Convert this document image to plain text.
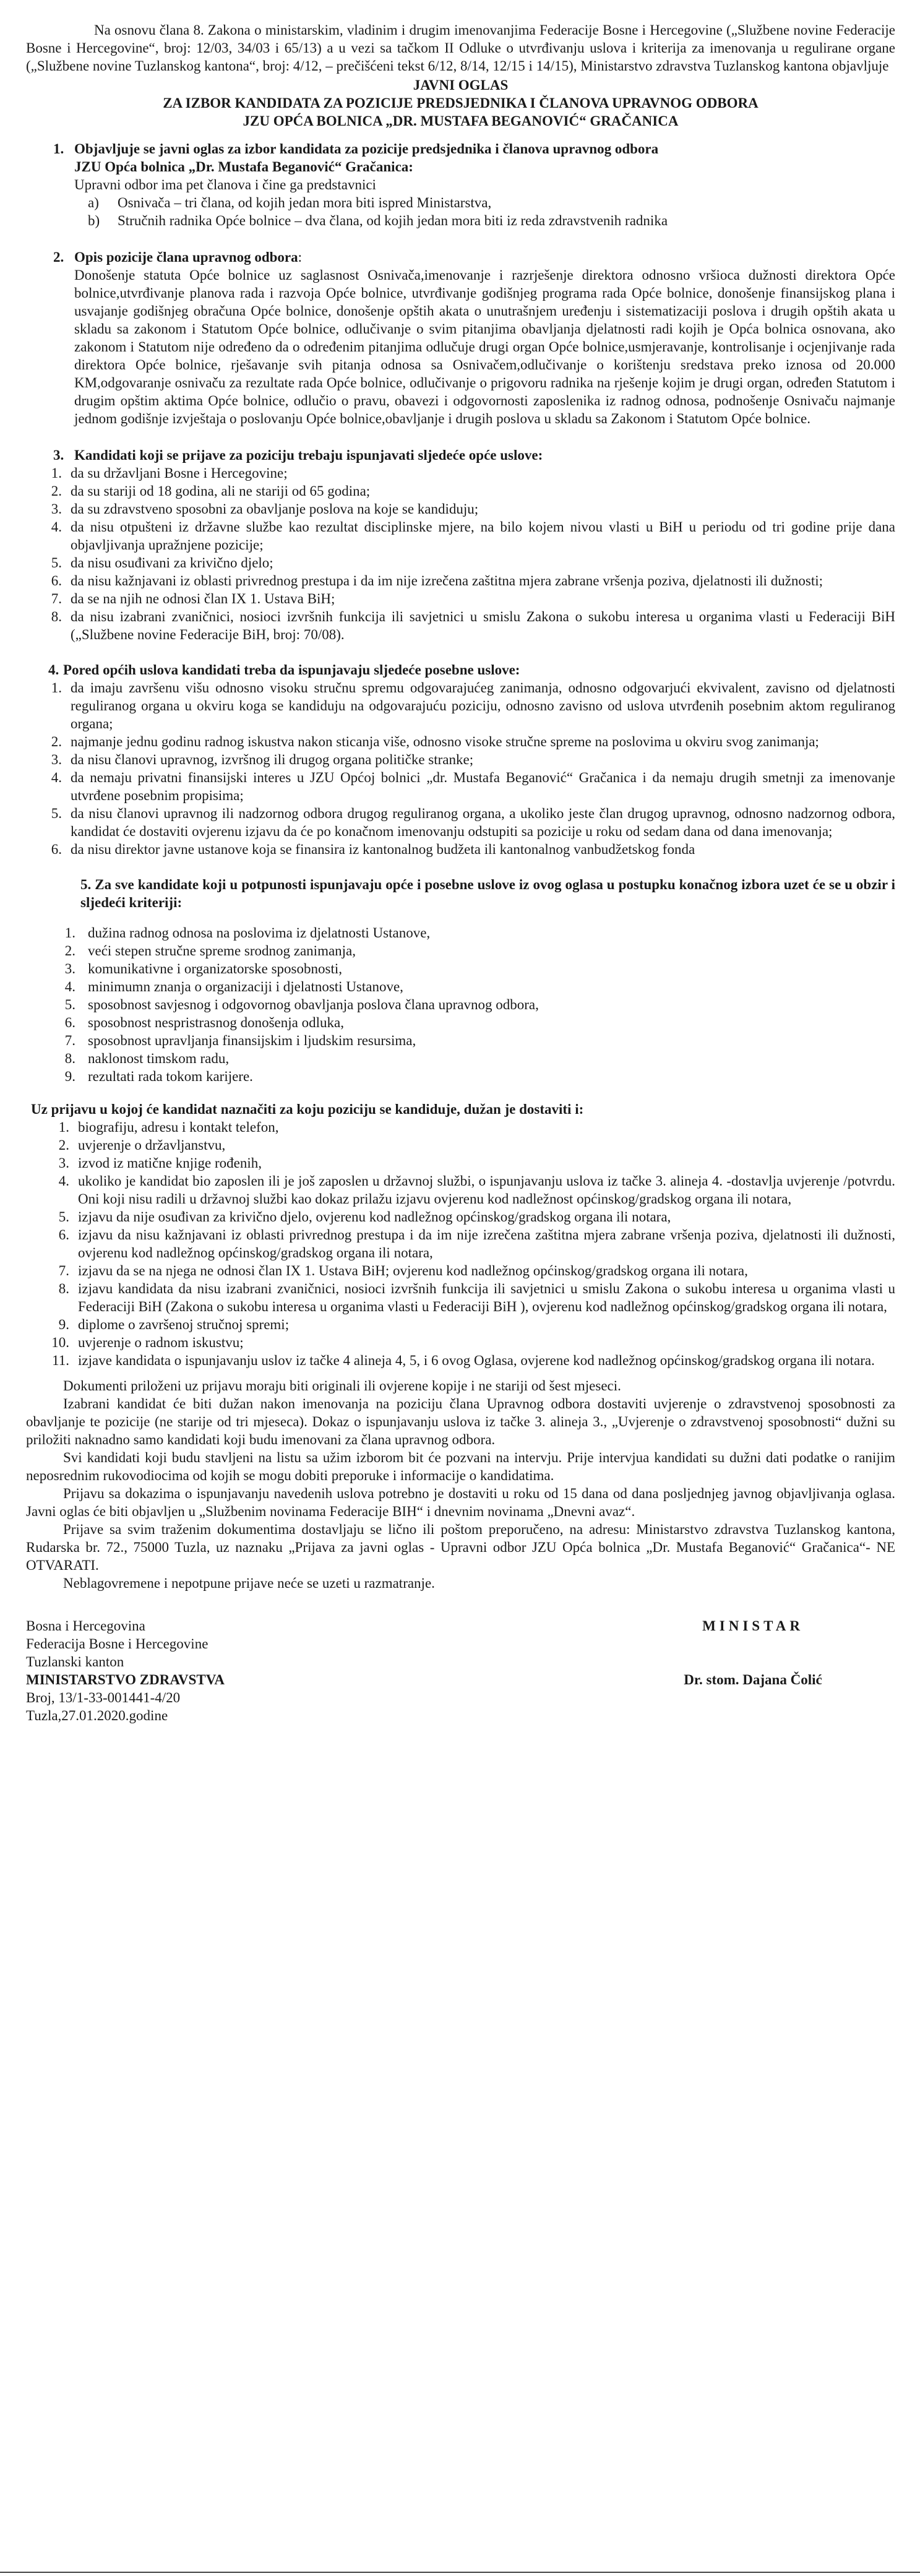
Na osnovu člana 8. Zakona o ministarskim, vladinim i drugim imenovanjima Federacije Bosne i Hercegovine („Službene novine Federacije Bosne i Hercegovine“, broj: 12/03, 34/03 i 65/13) a u vezi sa tačkom II Odluke o utvrđivanju uslova i kriterija za imenovanja u regulirane organe („Službene novine Tuzlanskog kantona“, broj: 4/12, – prečišćeni tekst 6/12, 8/14, 12/15 i 14/15), Ministarstvo zdravstva Tuzlanskog kantona objavljuje

JAVNI OGLAS

ZA IZBOR KANDIDATA ZA POZICIJE PREDSJEDNIKA I ČLANOVA UPRAVNOG ODBORA

JZU OPĆA BOLNICA „DR. MUSTAFA BEGANOVIĆ“ GRAČANICA

1. Objavljuje se javni oglas za izbor kandidata za pozicije predsjednika i članova upravnog odbora

JZU Opća bolnica „Dr. Mustafa Beganović“ Gračanica:

Upravni odbor ima pet članova i čine ga predstavnici

a)	Osnivača – tri člana, od kojih jedan mora biti ispred Ministarstva,
b)	Stručnih radnika Opće bolnice – dva člana, od kojih jedan mora biti iz reda zdravstvenih radnika

2. Opis pozicije člana upravnog odbora:

Donošenje statuta Opće bolnice uz saglasnost Osnivača,imenovanje i razrješenje direktora odnosno vršioca dužnosti direktora Opće bolnice,utvrđivanje planova rada i razvoja Opće bolnice, utvrđivanje godišnjeg programa rada Opće bolnice, donošenje finansijskog plana i usvajanje godišnjeg obračuna Opće bolnice, donošenje opštih akata o unutrašnjem uređenju i sistematizaciji poslova i drugih opštih akata u skladu sa zakonom i Statutom Opće bolnice, odlučivanje o svim pitanjima obavljanja djelatnosti radi kojih je Opća bolnica osnovana, ako zakonom i Statutom nije određeno da o određenim pitanjima odlučuje drugi organ Opće bolnice,usmjeravanje, kontrolisanje i ocjenjivanje rada direktora Opće bolnice, rješavanje svih pitanja odnosa sa Osnivačem,odlučivanje o korištenju sredstava preko iznosa od 20.000 KM,odgovaranje osnivaču za rezultate rada Opće bolnice, odlučivanje o prigovoru radnika na rješenje kojim je drugi organ, određen Statutom i drugim opštim aktima Opće bolnice, odlučio o pravu, obavezi i odgovornosti zaposlenika iz radnog odnosa, podnošenje Osnivaču najmanje jednom godišnje izvještaja o poslovanju Opće bolnice,obavljanje i drugih poslova u skladu sa Zakonom i Statutom Opće bolnice.

3. Kandidati koji se prijave za poziciju trebaju ispunjavati sljedeće opće uslove:

1. da su državljani Bosne i Hercegovine;
2. da su stariji od 18 godina, ali ne stariji od 65 godina;
3. da su zdravstveno sposobni za obavljanje poslova na koje se kandiduju;
4. da nisu otpušteni iz državne službe kao rezultat disciplinske mjere, na bilo kojem nivou vlasti u BiH u periodu od tri godine prije dana objavljivanja upražnjene pozicije;
5. da nisu osuđivani za krivično djelo;
6. da nisu kažnjavani iz oblasti privrednog prestupa i da im nije izrečena zaštitna mjera zabrane vršenja poziva, djelatnosti ili dužnosti;
7. da se na njih ne odnosi član IX 1. Ustava BiH;
8. da nisu izabrani zvaničnici, nosioci izvršnih funkcija ili savjetnici u smislu Zakona o sukobu interesa u organima vlasti u Federaciji BiH („Službene novine Federacije BiH, broj: 70/08).

4. Pored općih uslova kandidati treba da ispunjavaju sljedeće posebne uslove:

1. da imaju završenu višu odnosno visoku stručnu spremu odgovarajućeg zanimanja, odnosno odgovarjući ekvivalent, zavisno od djelatnosti reguliranog organa u okviru koga se kandiduju na odgovarajuću poziciju, odnosno zavisno od uslova utvrđenih posebnim aktom reguliranog organa;
2. najmanje jednu godinu radnog iskustva nakon sticanja više, odnosno visoke stručne spreme na poslovima u okviru svog zanimanja;
3. da nisu članovi upravnog, izvršnog ili drugog organa političke stranke;
4. da nemaju privatni finansijski interes u JZU Općoj bolnici „dr. Mustafa Beganović“ Gračanica i da nemaju drugih smetnji za imenovanje utvrđene posebnim propisima;
5. da nisu članovi upravnog ili nadzornog odbora drugog reguliranog organa, a ukoliko jeste član drugog upravnog, odnosno nadzornog odbora, kandidat će dostaviti ovjerenu izjavu da će po konačnom imenovanju odstupiti sa pozicije u roku od sedam dana od dana imenovanja;
6. da nisu direktor javne ustanove koja se finansira iz kantonalnog budžeta ili kantonalnog vanbudžetskog fonda
5. Za sve kandidate koji u potpunosti ispunjavaju opće i posebne uslove iz ovog oglasa u postupku konačnog izbora uzet će se u obzir i sljedeći kriteriji:
1. dužina radnog odnosa na poslovima iz djelatnosti Ustanove,
2. veći stepen stručne spreme srodnog zanimanja,
3. komunikativne i organizatorske sposobnosti,
4. minimumn znanja o organizaciji i djelatnosti Ustanove,
5. sposobnost savjesnog i odgovornog obavljanja poslova člana upravnog odbora,
6. sposobnost nespristrasnog donošenja odluka,
7. sposobnost upravljanja finansijskim i ljudskim resursima,
8. naklonost timskom radu,
9. rezultati rada tokom karijere.

Uz prijavu u kojoj će kandidat naznačiti za koju poziciju se kandiduje, dužan je dostaviti i:

1. biografiju, adresu i kontakt telefon,
2. uvjerenje o državljanstvu,
3. izvod iz matične knjige rođenih,
4. ukoliko je kandidat bio zaposlen ili je još zaposlen u državnoj službi, o ispunjavanju uslova iz tačke 3. alineja 4. -dostavlja uvjerenje /potvrdu. Oni koji nisu radili u državnoj službi kao dokaz prilažu izjavu ovjerenu kod nadležnost općinskog/gradskog organa ili notara,
5. izjavu da nije osuđivan za krivično djelo, ovjerenu kod nadležnog općinskog/gradskog organa ili notara,
6. izjavu da nisu kažnjavani iz oblasti privrednog prestupa i da im nije izrečena zaštitna mjera zabrane vršenja poziva, djelatnosti ili dužnosti, ovjerenu kod nadležnog općinskog/gradskog organa ili notara,
7. izjavu da se na njega ne odnosi član IX 1. Ustava BiH; ovjerenu kod nadležnog općinskog/gradskog organa ili notara,
8. izjavu kandidata da nisu izabrani zvaničnici, nosioci izvršnih funkcija ili savjetnici u smislu Zakona o sukobu interesa u organima vlasti u Federaciji BiH (Zakona o sukobu interesa u organima vlasti u Federaciji BiH ), ovjerenu kod nadležnog općinskog/gradskog organa ili notara,
9. diplome o završenoj stručnoj spremi;
10. uvjerenje o radnom iskustvu;
11. izjave kandidata o ispunjavanju uslov iz tačke 4 alineja 4, 5, i 6 ovog Oglasa, ovjerene kod nadležnog općinskog/gradskog organa ili notara.

Dokumenti priloženi uz prijavu moraju biti originali ili ovjerene kopije i ne stariji od šest mjeseci.

Izabrani kandidat će biti dužan nakon imenovanja na poziciju člana Upravnog odbora dostaviti uvjerenje o zdravstvenoj sposobnosti za obavljanje te pozicije (ne starije od tri mjeseca). Dokaz o ispunjavanju uslova iz tačke 3. alineja 3., „Uvjerenje o zdravstvenoj sposobnosti“ dužni su priložiti naknadno samo kandidati koji budu imenovani za člana upravnog odbora.

Svi kandidati koji budu stavljeni na listu sa užim izborom bit će pozvani na intervju. Prije intervjua kandidati su dužni dati podatke o ranijim neposrednim rukovodiocima od kojih se mogu dobiti preporuke i informacije o kandidatima.

Prijavu sa dokazima o ispunjavanju navedenih uslova potrebno je dostaviti u roku od 15 dana od dana posljednjeg javnog objavljivanja oglasa. Javni oglas će biti objavljen u „Službenim novinama Federacije BIH“ i dnevnim novinama „Dnevni avaz“.

Prijave sa svim traženim dokumentima dostavljaju se lično ili poštom preporučeno, na adresu: Ministarstvo zdravstva Tuzlanskog kantona, Rudarska br. 72., 75000 Tuzla, uz naznaku „Prijava za javni oglas - Upravni odbor JZU Opća bolnica „Dr. Mustafa Beganović“ Gračanica“- NE OTVARATI.

Neblagovremene i nepotpune prijave neće se uzeti u razmatranje.

Bosna i Hercegovina
Federacija Bosne i Hercegovine
Tuzlanski kanton
MINISTARSTVO ZDRAVSTVA
Broj, 13/1-33-001441-4/20
Tuzla,27.01.2020.godine
MINISTAR
Dr. stom. Dajana Čolić
